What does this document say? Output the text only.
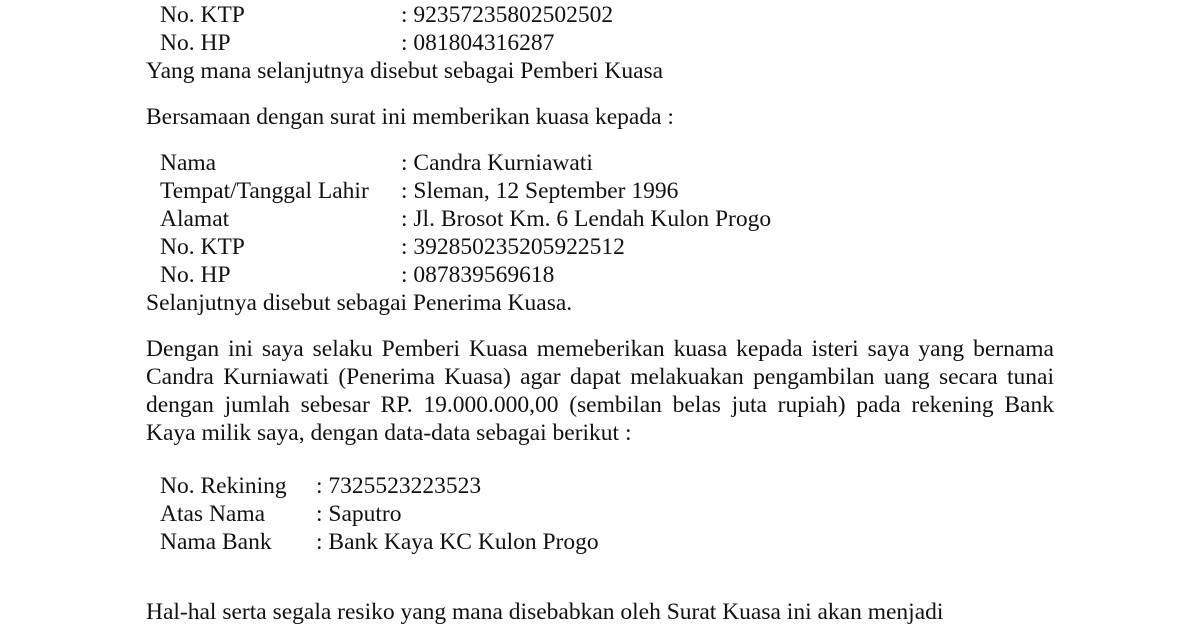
No. KTP	: 92357235802502502
No. HP	: 081804316287
Yang mana selanjutnya disebut sebagai Pemberi Kuasa
Bersamaan dengan surat ini memberikan kuasa kepada :
Nama	: Candra Kurniawati
Tempat/Tanggal Lahir : Sleman, 12 September 1996
Alamat	: Jl. Brosot Km. 6 Lendah Kulon Progo
No. KTP	: 392850235205922512
No. HP	: 087839569618
Selanjutnya disebut sebagai Penerima Kuasa.
Dengan ini saya selaku Pemberi Kuasa memeberikan kuasa kepada isteri saya yang bernama
Candra Kurniawati (Penerima Kuasa) agar dapat melakuakan pengambilan uang secara tunai
dengan jumlah sebesar RP. 19.000.000,00 (sembilan belas juta rupiah) pada rekening Bank
Kaya milik saya, dengan data-data sebagai berikut :
No. Rekining : 7325523223523
Atas Nama : Saputro
Nama Bank : Bank Kaya KC Kulon Progo
Hal-hal serta segala resiko yang mana disebabkan oleh Surat Kuasa ini akan menjadi
